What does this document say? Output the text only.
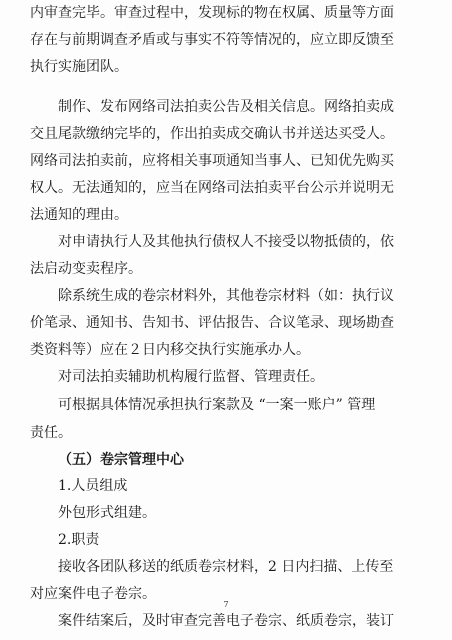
内审查完毕。审查过程中，发现标的物在权属、质量等方面
存在与前期调查矛盾或与事实不符等情况的，应立即反馈至
执行实施团队。
制作、发布网络司法拍卖公告及相关信息。网络拍卖成
交且尾款缴纳完毕的，作出拍卖成交确认书并送达买受人。
网络司法拍卖前，应将相关事项通知当事人、已知优先购买
权人。无法通知的，应当在网络司法拍卖平台公示并说明无
法通知的理由。
对申请执行人及其他执行债权人不接受以物抵债的，依
法启动变卖程序。
除系统生成的卷宗材料外，其他卷宗材料（如：执行议
价笔录、通知书、告知书、评估报告、合议笔录、现场勘查
类资料等）应在２日内移交执行实施承办人。
对司法拍卖辅助机构履行监督、管理责任。
可根据具体情况承担执行案款及 “一案一账户” 管理
责任。
（五）卷宗管理中心
1.人员组成
外包形式组建。
2.职责
接收各团队移送的纸质卷宗材料，2 日内扫描、上传至
对应案件电子卷宗。
案件结案后，及时审查完善电子卷宗、纸质卷宗，装订
7
